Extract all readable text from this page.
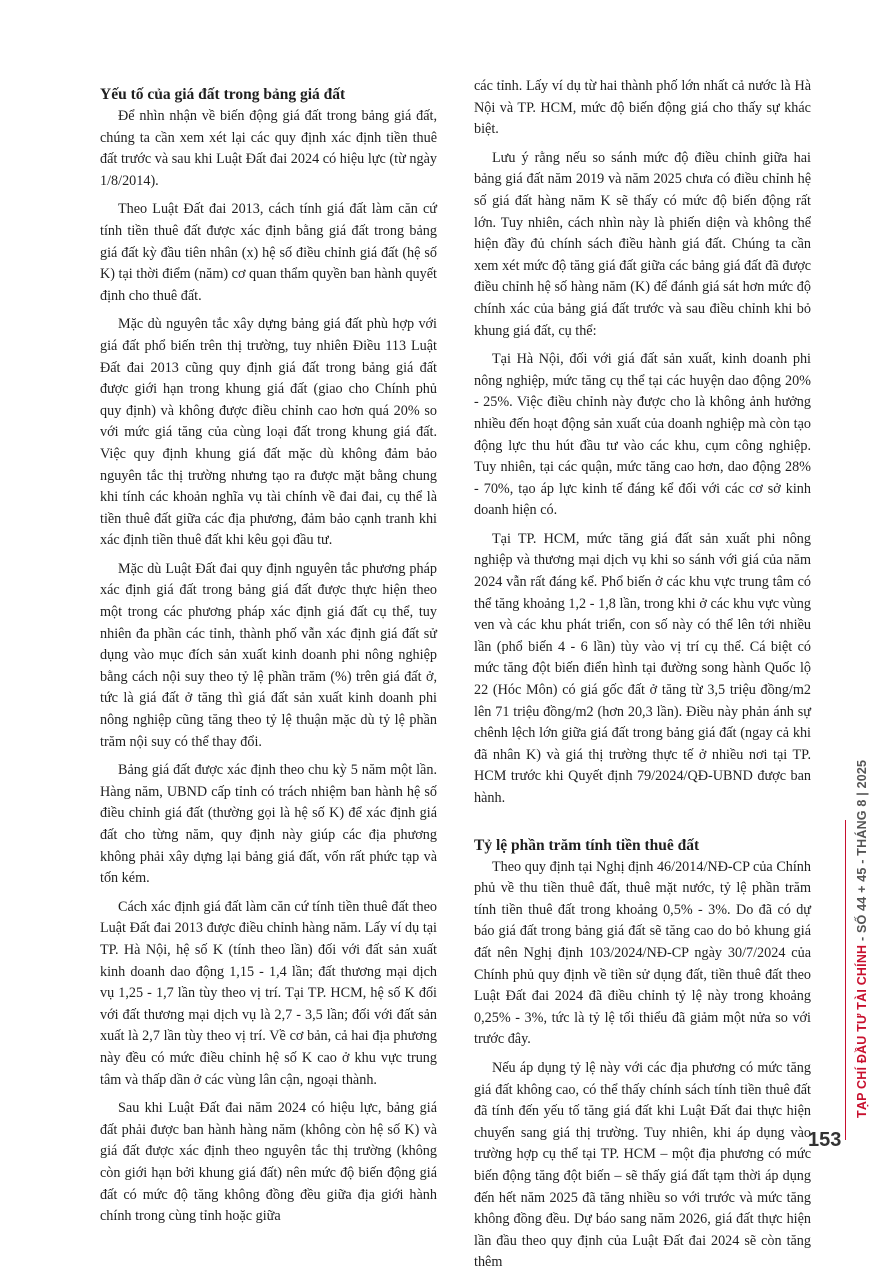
Yếu tố của giá đất trong bảng giá đất

Để nhìn nhận về biến động giá đất trong bảng giá đất, chúng ta cần xem xét lại các quy định xác định tiền thuê đất trước và sau khi Luật Đất đai 2024 có hiệu lực (từ ngày 1/8/2014).

Theo Luật Đất đai 2013, cách tính giá đất làm căn cứ tính tiền thuê đất được xác định bằng giá đất trong bảng giá đất kỳ đầu tiên nhân (x) hệ số điều chỉnh giá đất (hệ số K) tại thời điểm (năm) cơ quan thẩm quyền ban hành quyết định cho thuê đất.

Mặc dù nguyên tắc xây dựng bảng giá đất phù hợp với giá đất phổ biến trên thị trường, tuy nhiên Điều 113 Luật Đất đai 2013 cũng quy định giá đất trong bảng giá đất được giới hạn trong khung giá đất (giao cho Chính phủ quy định) và không được điều chỉnh cao hơn quá 20% so với mức giá tăng của cùng loại đất trong khung giá đất. Việc quy định khung giá đất mặc dù không đảm bảo nguyên tắc thị trường nhưng tạo ra được mặt bằng chung khi tính các khoản nghĩa vụ tài chính về đai đai, cụ thể là tiền thuê đất giữa các địa phương, đảm bảo cạnh tranh khi xác định tiền thuê đất khi kêu gọi đầu tư.

Mặc dù Luật Đất đai quy định nguyên tắc phương pháp xác định giá đất trong bảng giá đất được thực hiện theo một trong các phương pháp xác định giá đất cụ thể, tuy nhiên đa phần các tỉnh, thành phố vẫn xác định giá đất sử dụng vào mục đích sản xuất kinh doanh phi nông nghiệp bằng cách nội suy theo tỷ lệ phần trăm (%) trên giá đất ở, tức là giá đất ở tăng thì giá đất sản xuất kinh doanh phi nông nghiệp cũng tăng theo tỷ lệ thuận mặc dù tỷ lệ phần trăm nội suy có thể thay đổi.

Bảng giá đất được xác định theo chu kỳ 5 năm một lần. Hàng năm, UBND cấp tỉnh có trách nhiệm ban hành hệ số điều chỉnh giá đất (thường gọi là hệ số K) để xác định giá đất cho từng năm, quy định này giúp các địa phương không phải xây dựng lại bảng giá đất, vốn rất phức tạp và tốn kém.

Cách xác định giá đất làm căn cứ tính tiền thuê đất theo Luật Đất đai 2013 được điều chỉnh hàng năm. Lấy ví dụ tại TP. Hà Nội, hệ số K (tính theo lần) đối với đất sản xuất kinh doanh dao động 1,15 - 1,4 lần; đất thương mại dịch vụ 1,25 - 1,7 lần tùy theo vị trí. Tại TP. HCM, hệ số K đối với đất thương mại dịch vụ là 2,7 - 3,5 lần; đối với đất sản xuất là 2,7 lần tùy theo vị trí. Về cơ bản, cả hai địa phương này đều có mức điều chỉnh hệ số K cao ở khu vực trung tâm và thấp dần ở các vùng lân cận, ngoại thành.

Sau khi Luật Đất đai năm 2024 có hiệu lực, bảng giá đất phải được ban hành hàng năm (không còn hệ số K) và giá đất được xác định theo nguyên tắc thị trường (không còn giới hạn bởi khung giá đất) nên mức độ biến động giá đất có mức độ tăng không đồng đều giữa địa giới hành chính trong cùng tỉnh hoặc giữa

các tỉnh. Lấy ví dụ từ hai thành phố lớn nhất cả nước là Hà Nội và TP. HCM, mức độ biến động giá cho thấy sự khác biệt.

Lưu ý rằng nếu so sánh mức độ điều chỉnh giữa hai bảng giá đất năm 2019 và năm 2025 chưa có điều chỉnh hệ số giá đất hàng năm K sẽ thấy có mức độ biến động rất lớn. Tuy nhiên, cách nhìn này là phiến diện và không thể hiện đầy đủ chính sách điều hành giá đất. Chúng ta cần xem xét mức độ tăng giá đất giữa các bảng giá đất đã được điều chỉnh hệ số hàng năm (K) để đánh giá sát hơn mức độ chính xác của bảng giá đất trước và sau điều chỉnh khi bỏ khung giá đất, cụ thể:

Tại Hà Nội, đối với giá đất sản xuất, kinh doanh phi nông nghiệp, mức tăng cụ thể tại các huyện dao động 20% - 25%. Việc điều chỉnh này được cho là không ảnh hưởng nhiều đến hoạt động sản xuất của doanh nghiệp mà còn tạo động lực thu hút đầu tư vào các khu, cụm công nghiệp. Tuy nhiên, tại các quận, mức tăng cao hơn, dao động 28% - 70%, tạo áp lực kinh tế đáng kể đối với các cơ sở kinh doanh hiện có.

Tại TP. HCM, mức tăng giá đất sản xuất phi nông nghiệp và thương mại dịch vụ khi so sánh với giá của năm 2024 vẫn rất đáng kể. Phổ biến ở các khu vực trung tâm có thể tăng khoảng 1,2 - 1,8 lần, trong khi ở các khu vực vùng ven và các khu phát triển, con số này có thể lên tới nhiều lần (phổ biến 4 - 6 lần) tùy vào vị trí cụ thể. Cá biệt có mức tăng đột biến điển hình tại đường song hành Quốc lộ 22 (Hóc Môn) có giá gốc đất ở tăng từ 3,5 triệu đồng/m2 lên 71 triệu đồng/m2 (hơn 20,3 lần). Điều này phản ánh sự chênh lệch lớn giữa giá đất trong bảng giá đất (ngay cả khi đã nhân K) và giá thị trường thực tế ở nhiều nơi tại TP. HCM trước khi Quyết định 79/2024/QĐ-UBND được ban hành.

Tỷ lệ phần trăm tính tiền thuê đất

Theo quy định tại Nghị định 46/2014/NĐ-CP của Chính phủ về thu tiền thuê đất, thuê mặt nước, tỷ lệ phần trăm tính tiền thuê đất trong khoảng 0,5% - 3%. Do đã có dự báo giá đất trong bảng giá đất sẽ tăng cao do bỏ khung giá đất nên Nghị định 103/2024/NĐ-CP ngày 30/7/2024 của Chính phủ quy định về tiền sử dụng đất, tiền thuê đất theo Luật Đất đai 2024 đã điều chỉnh tỷ lệ này trong khoảng 0,25% - 3%, tức là tỷ lệ tối thiểu đã giảm một nửa so với trước đây.

Nếu áp dụng tỷ lệ này với các địa phương có mức tăng giá đất không cao, có thể thấy chính sách tính tiền thuê đất đã tính đến yếu tố tăng giá đất khi Luật Đất đai thực hiện chuyển sang giá thị trường. Tuy nhiên, khi áp dụng vào trường hợp cụ thể tại TP. HCM – một địa phương có mức biến động tăng đột biến – sẽ thấy giá đất tạm thời áp dụng đến hết năm 2025 đã tăng nhiều so với trước và mức tăng không đồng đều. Dự báo sang năm 2026, giá đất thực hiện lần đầu theo quy định của Luật Đất đai 2024 sẽ còn tăng thêm

TẠP CHÍ ĐẦU TƯ TÀI CHÍNH - SỐ 44 + 45 - THÁNG 8 | 2025
153
